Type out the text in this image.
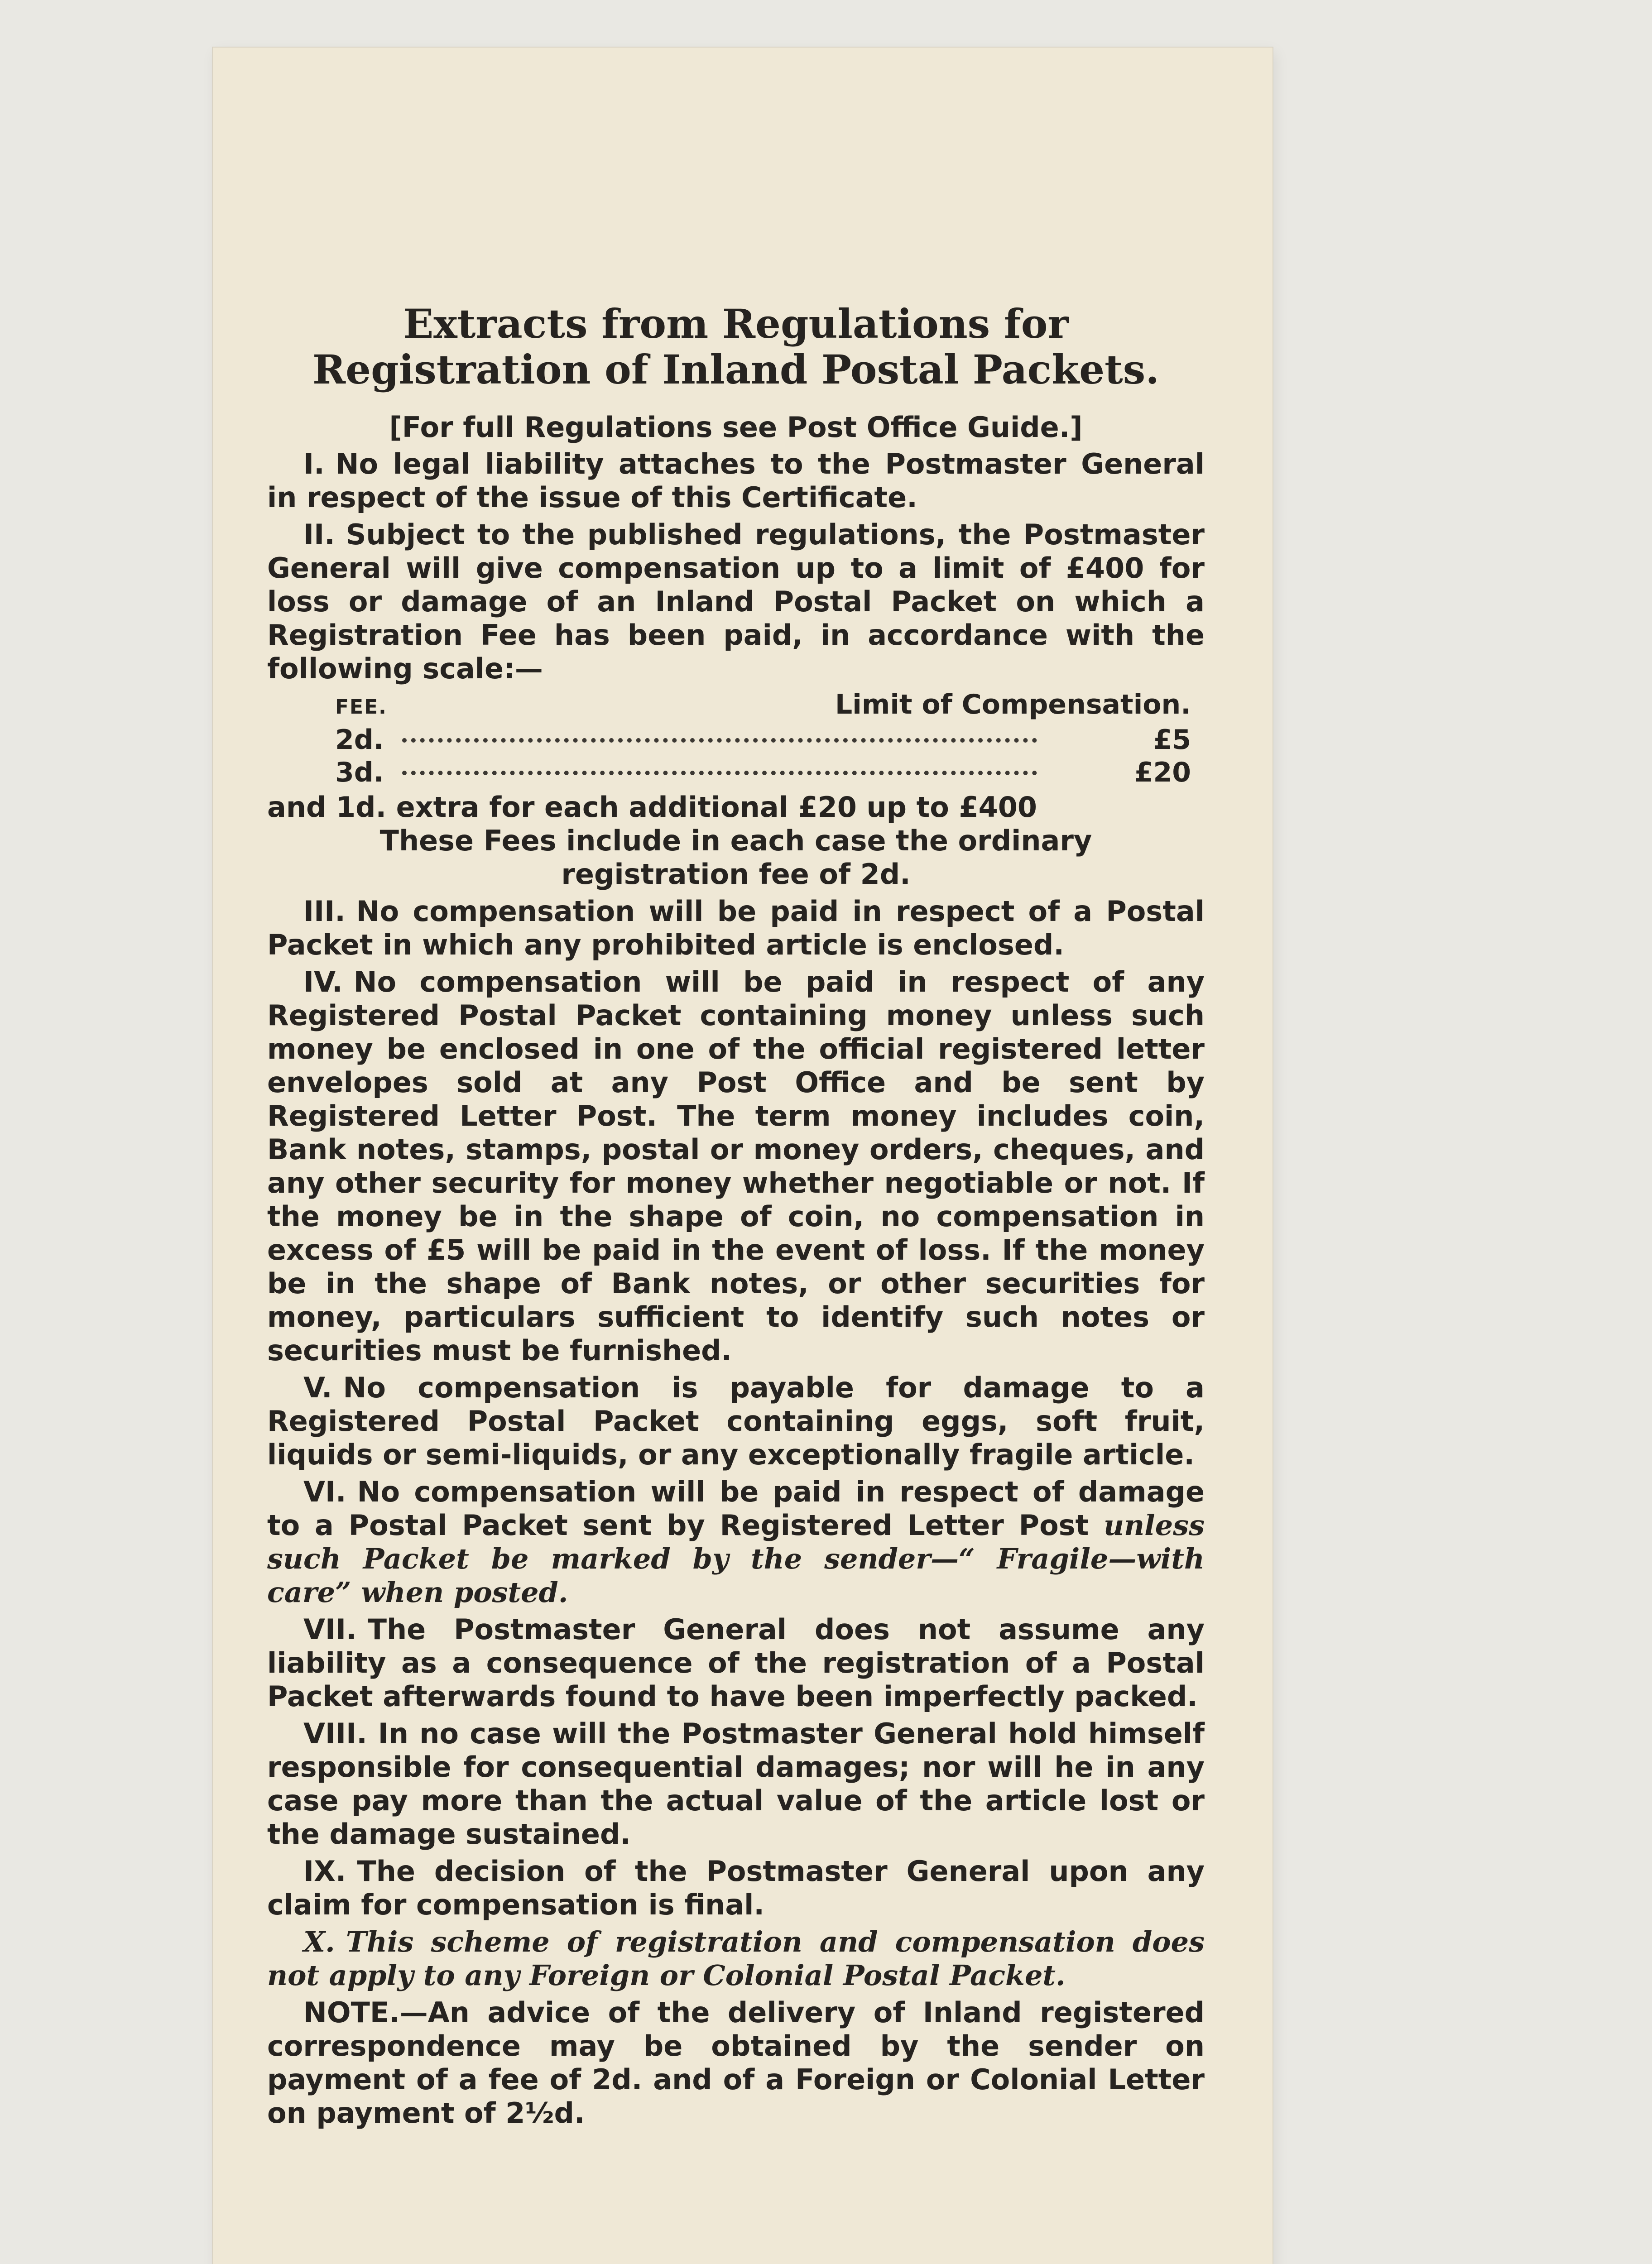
Extracts from Regulations for
Registration of Inland Postal Packets.

[For full Regulations see Post Office Guide.]

I. No legal liability attaches to the Postmaster General in respect of the issue of this Certificate.

II. Subject to the published regulations, the Postmaster General will give compensation up to a limit of £400 for loss or damage of an Inland Postal Packet on which a Registration Fee has been paid, in accordance with the following scale:—

FEE.	Limit of Compensation.
2d.	£5
3d.	£20

and 1d. extra for each additional £20 up to £400

These Fees include in each case the ordinary

registration fee of 2d.

III. No compensation will be paid in respect of a Postal Packet in which any prohibited article is enclosed.

IV. No compensation will be paid in respect of any Registered Postal Packet containing money unless such money be enclosed in one of the official registered letter envelopes sold at any Post Office and be sent by Registered Letter Post. The term money includes coin, Bank notes, stamps, postal or money orders, cheques, and any other security for money whether negotiable or not. If the money be in the shape of coin, no compensation in excess of £5 will be paid in the event of loss. If the money be in the shape of Bank notes, or other securities for money, particulars sufficient to identify such notes or securities must be furnished.

V. No compensation is payable for damage to a Registered Postal Packet containing eggs, soft fruit, liquids or semi-liquids, or any exceptionally fragile article.

VI. No compensation will be paid in respect of damage to a Postal Packet sent by Registered Letter Post unless such Packet be marked by the sender—“ Fragile—with care” when posted.

VII. The Postmaster General does not assume any liability as a consequence of the registration of a Postal Packet afterwards found to have been imperfectly packed.

VIII. In no case will the Postmaster General hold himself responsible for consequential damages; nor will he in any case pay more than the actual value of the article lost or the damage sustained.

IX. The decision of the Postmaster General upon any claim for compensation is final.

X. This scheme of registration and compensation does not apply to any Foreign or Colonial Postal Packet.

NOTE.—An advice of the delivery of Inland registered correspondence may be obtained by the sender on payment of a fee of 2d. and of a Foreign or Colonial Letter on payment of 2½d.
